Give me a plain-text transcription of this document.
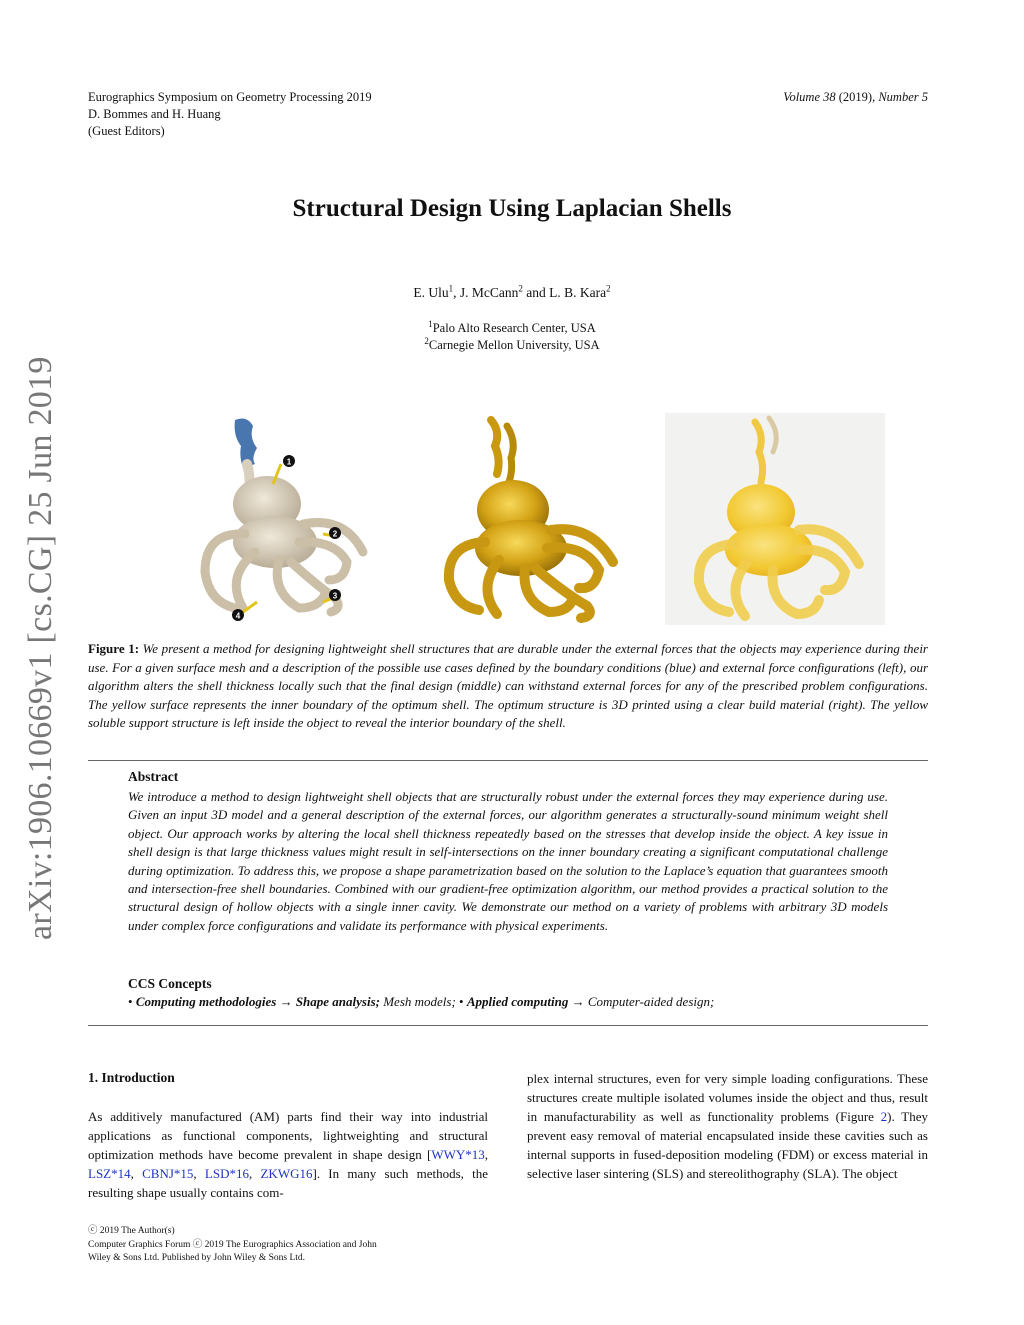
Eurographics Symposium on Geometry Processing 2019
D. Bommes and H. Huang
(Guest Editors)
Volume 38 (2019), Number 5
Structural Design Using Laplacian Shells
E. Ulu$^1$, J. McCann$^2$ and L. B. Kara$^2$
$^1$Palo Alto Research Center, USA
$^2$Carnegie Mellon University, USA
arXiv:1906.10669v1 [cs.CG] 25 Jun 2019	1
2
3
4
Figure 1: We present a method for designing lightweight shell structures that are durable under the external forces that the objects may experience during their use. For a given surface mesh and a description of the possible use cases defined by the boundary conditions (blue) and external force configurations (left), our algorithm alters the shell thickness locally such that the final design (middle) can withstand external forces for any of the prescribed problem configurations. The yellow surface represents the inner boundary of the optimum shell. The optimum structure is 3D printed using a clear build material (right). The yellow soluble support structure is left inside the object to reveal the interior boundary of the shell.
Abstract
We introduce a method to design lightweight shell objects that are structurally robust under the external forces they may experience during use. Given an input 3D model and a general description of the external forces, our algorithm generates a structurally-sound minimum weight shell object. Our approach works by altering the local shell thickness repeatedly based on the stresses that develop inside the object. A key issue in shell design is that large thickness values might result in self-intersections on the inner boundary creating a significant computational challenge during optimization. To address this, we propose a shape parametrization based on the solution to the Laplace’s equation that guarantees smooth and intersection-free shell boundaries. Combined with our gradient-free optimization algorithm, our method provides a practical solution to the structural design of hollow objects with a single inner cavity. We demonstrate our method on a variety of problems with arbitrary 3D models under complex force configurations and validate its performance with physical experiments.
CCS Concepts
• Computing methodologies → Shape analysis; Mesh models; • Applied computing → Computer-aided design;
1. Introduction
As additively manufactured (AM) parts find their way into industrial applications as functional components, lightweighting and structural optimization methods have become prevalent in shape design [WWY*13, LSZ*14, CBNJ*15, LSD*16, ZKWG16]. In many such methods, the resulting shape usually contains com-
plex internal structures, even for very simple loading configurations. These structures create multiple isolated volumes inside the object and thus, result in manufacturability as well as functionality problems (Figure 2). They prevent easy removal of material encapsulated inside these cavities such as internal supports in fused-deposition modeling (FDM) or excess material in selective laser sintering (SLS) and stereolithography (SLA). The object
ⓒ 2019 The Author(s)
Computer Graphics Forum ⓒ 2019 The Eurographics Association and John
Wiley & Sons Ltd. Published by John Wiley & Sons Ltd.
